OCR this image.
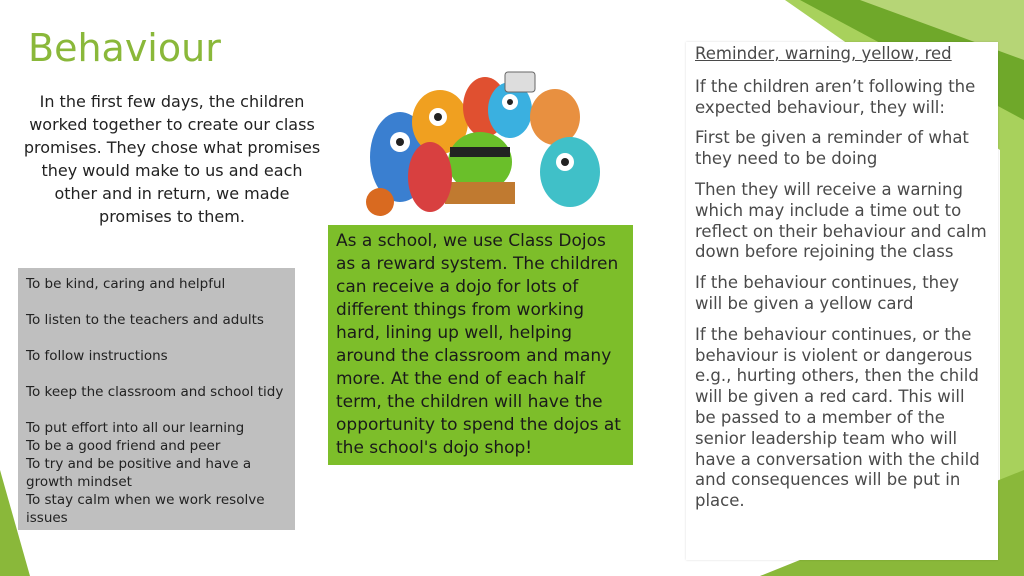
Behaviour
In the first few days, the children worked together to create our class promises. They chose what promises they would make to us and each other and in return, we made promises to them.
As a school, we use Class Dojos as a reward system. The children can receive a dojo for lots of different things from working hard, lining up well, helping around the classroom and many more. At the end of each half term, the children will have the opportunity to spend the dojos at the school's dojo shop!
To be kind, caring and helpful
To listen to the teachers and adults
To follow instructions
To keep the classroom and school tidy
To put effort into all our learning
To be a good friend and peer
To try and be positive and have a growth mindset
To stay calm when we work resolve issues
Reminder, warning, yellow, red
If the children aren’t following the expected behaviour, they will:
First be given a reminder of what they need to be doing
Then they will receive a warning which may include a time out to reflect on their behaviour and calm down before rejoining the class
If the behaviour continues, they will be given a yellow card
If the behaviour continues, or the behaviour is violent or dangerous e.g., hurting others, then the child will be given a red card. This will be passed to a member of the senior leadership team who will have a conversation with the child and consequences will be put in place.
